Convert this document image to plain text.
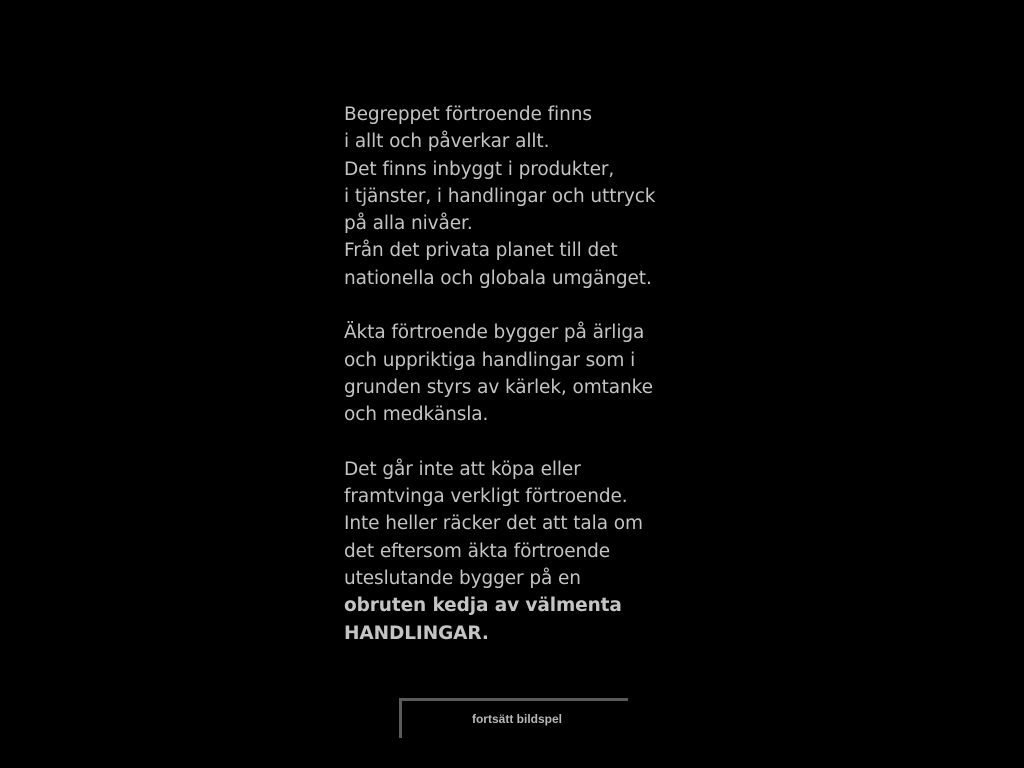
Begreppet förtroende finns
i allt och påverkar allt.
Det finns inbyggt i produkter,
i tjänster, i handlingar och uttryck
på alla nivåer.
Från det privata planet till det
nationella och globala umgänget.
Äkta förtroende bygger på ärliga
och uppriktiga handlingar som i
grunden styrs av kärlek, omtanke
och medkänsla.
Det går inte att köpa eller
framtvinga verkligt förtroende.
Inte heller räcker det att tala om
det eftersom äkta förtroende
uteslutande bygger på en
obruten kedja av välmenta
HANDLINGAR.
fortsätt bildspel
